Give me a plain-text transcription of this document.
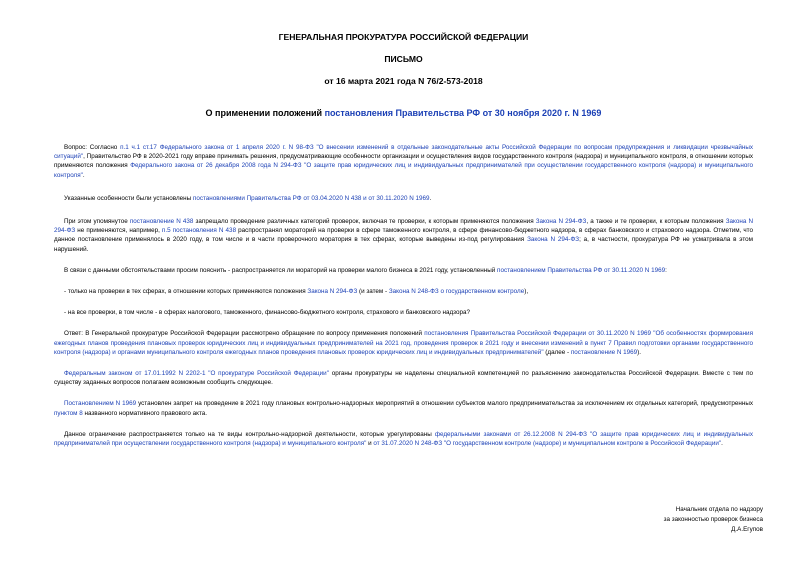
ГЕНЕРАЛЬНАЯ ПРОКУРАТУРА РОССИЙСКОЙ ФЕДЕРАЦИИ
ПИСЬМО
от 16 марта 2021 года N 76/2-573-2018
О применении положений постановления Правительства РФ от 30 ноября 2020 г. N 1969

Вопрос: Согласно п.1 ч.1 ст.17 Федерального закона от 1 апреля 2020 г. N 98-ФЗ "О внесении изменений в отдельные законодательные акты Российской Федерации по вопросам предупреждения и ликвидации чрезвычайных ситуаций", Правительство РФ в 2020-2021 году вправе принимать решения, предусматривающие особенности организации и осуществления видов государственного контроля (надзора) и муниципального контроля, в отношении которых применяются положения Федерального закона от 26 декабря 2008 года N 294-ФЗ "О защите прав юридических лиц и индивидуальных предпринимателей при осуществлении государственного контроля (надзора) и муниципального контроля".

Указанные особенности были установлены постановлениями Правительства РФ от 03.04.2020 N 438 и от 30.11.2020 N 1969.

При этом упомянутое постановление N 438 запрещало проведение различных категорий проверок, включая те проверки, к которым применяются положения Закона N 294-ФЗ, а также и те проверки, к которым положения Закона N 294-ФЗ не применяются, например, п.5 постановления N 438 распространял мораторий на проверки в сфере таможенного контроля, в сфере финансово-бюджетного надзора, в сферах банковского и страхового надзора. Отметим, что данное постановление применялось в 2020 году, в том числе и в части проверочного моратория в тех сферах, которые выведены из-под регулирования Закона N 294-ФЗ; а, в частности, прокуратура РФ не усматривала в этом нарушений.

В связи с данными обстоятельствами просим пояснить - распространяется ли мораторий на проверки малого бизнеса в 2021 году, установленный постановлением Правительства РФ от 30.11.2020 N 1969:

- только на проверки в тех сферах, в отношении которых применяются положения Закона N 294-ФЗ (и затем - Закона N 248-ФЗ о государственном контроле),

- на все проверки, в том числе - в сферах налогового, таможенного, финансово-бюджетного контроля, страхового и банковского надзора?

Ответ: В Генеральной прокуратуре Российской Федерации рассмотрено обращение по вопросу применения положений постановления Правительства Российской Федерации от 30.11.2020 N 1969 "Об особенностях формирования ежегодных планов проведения плановых проверок юридических лиц и индивидуальных предпринимателей на 2021 год, проведения проверок в 2021 году и внесении изменений в пункт 7 Правил подготовки органами государственного контроля (надзора) и органами муниципального контроля ежегодных планов проведения плановых проверок юридических лиц и индивидуальных предпринимателей" (далее - постановление N 1969).

Федеральным законом от 17.01.1992 N 2202-1 "О прокуратуре Российской Федерации" органы прокуратуры не наделены специальной компетенцией по разъяснению законодательства Российской Федерации. Вместе с тем по существу заданных вопросов полагаем возможным сообщить следующее.

Постановлением N 1969 установлен запрет на проведение в 2021 году плановых контрольно-надзорных мероприятий в отношении субъектов малого предпринимательства за исключением их отдельных категорий, предусмотренных пунктом 8 названного нормативного правового акта.

Данное ограничение распространяется только на те виды контрольно-надзорной деятельности, которые урегулированы федеральными законами от 26.12.2008 N 294-ФЗ "О защите прав юридических лиц и индивидуальных предпринимателей при осуществлении государственного контроля (надзора) и муниципального контроля" и от 31.07.2020 N 248-ФЗ "О государственном контроле (надзоре) и муниципальном контроле в Российской Федерации".

Начальник отдела по надзору
за законностью проверок бизнеса
Д.А.Егупов
